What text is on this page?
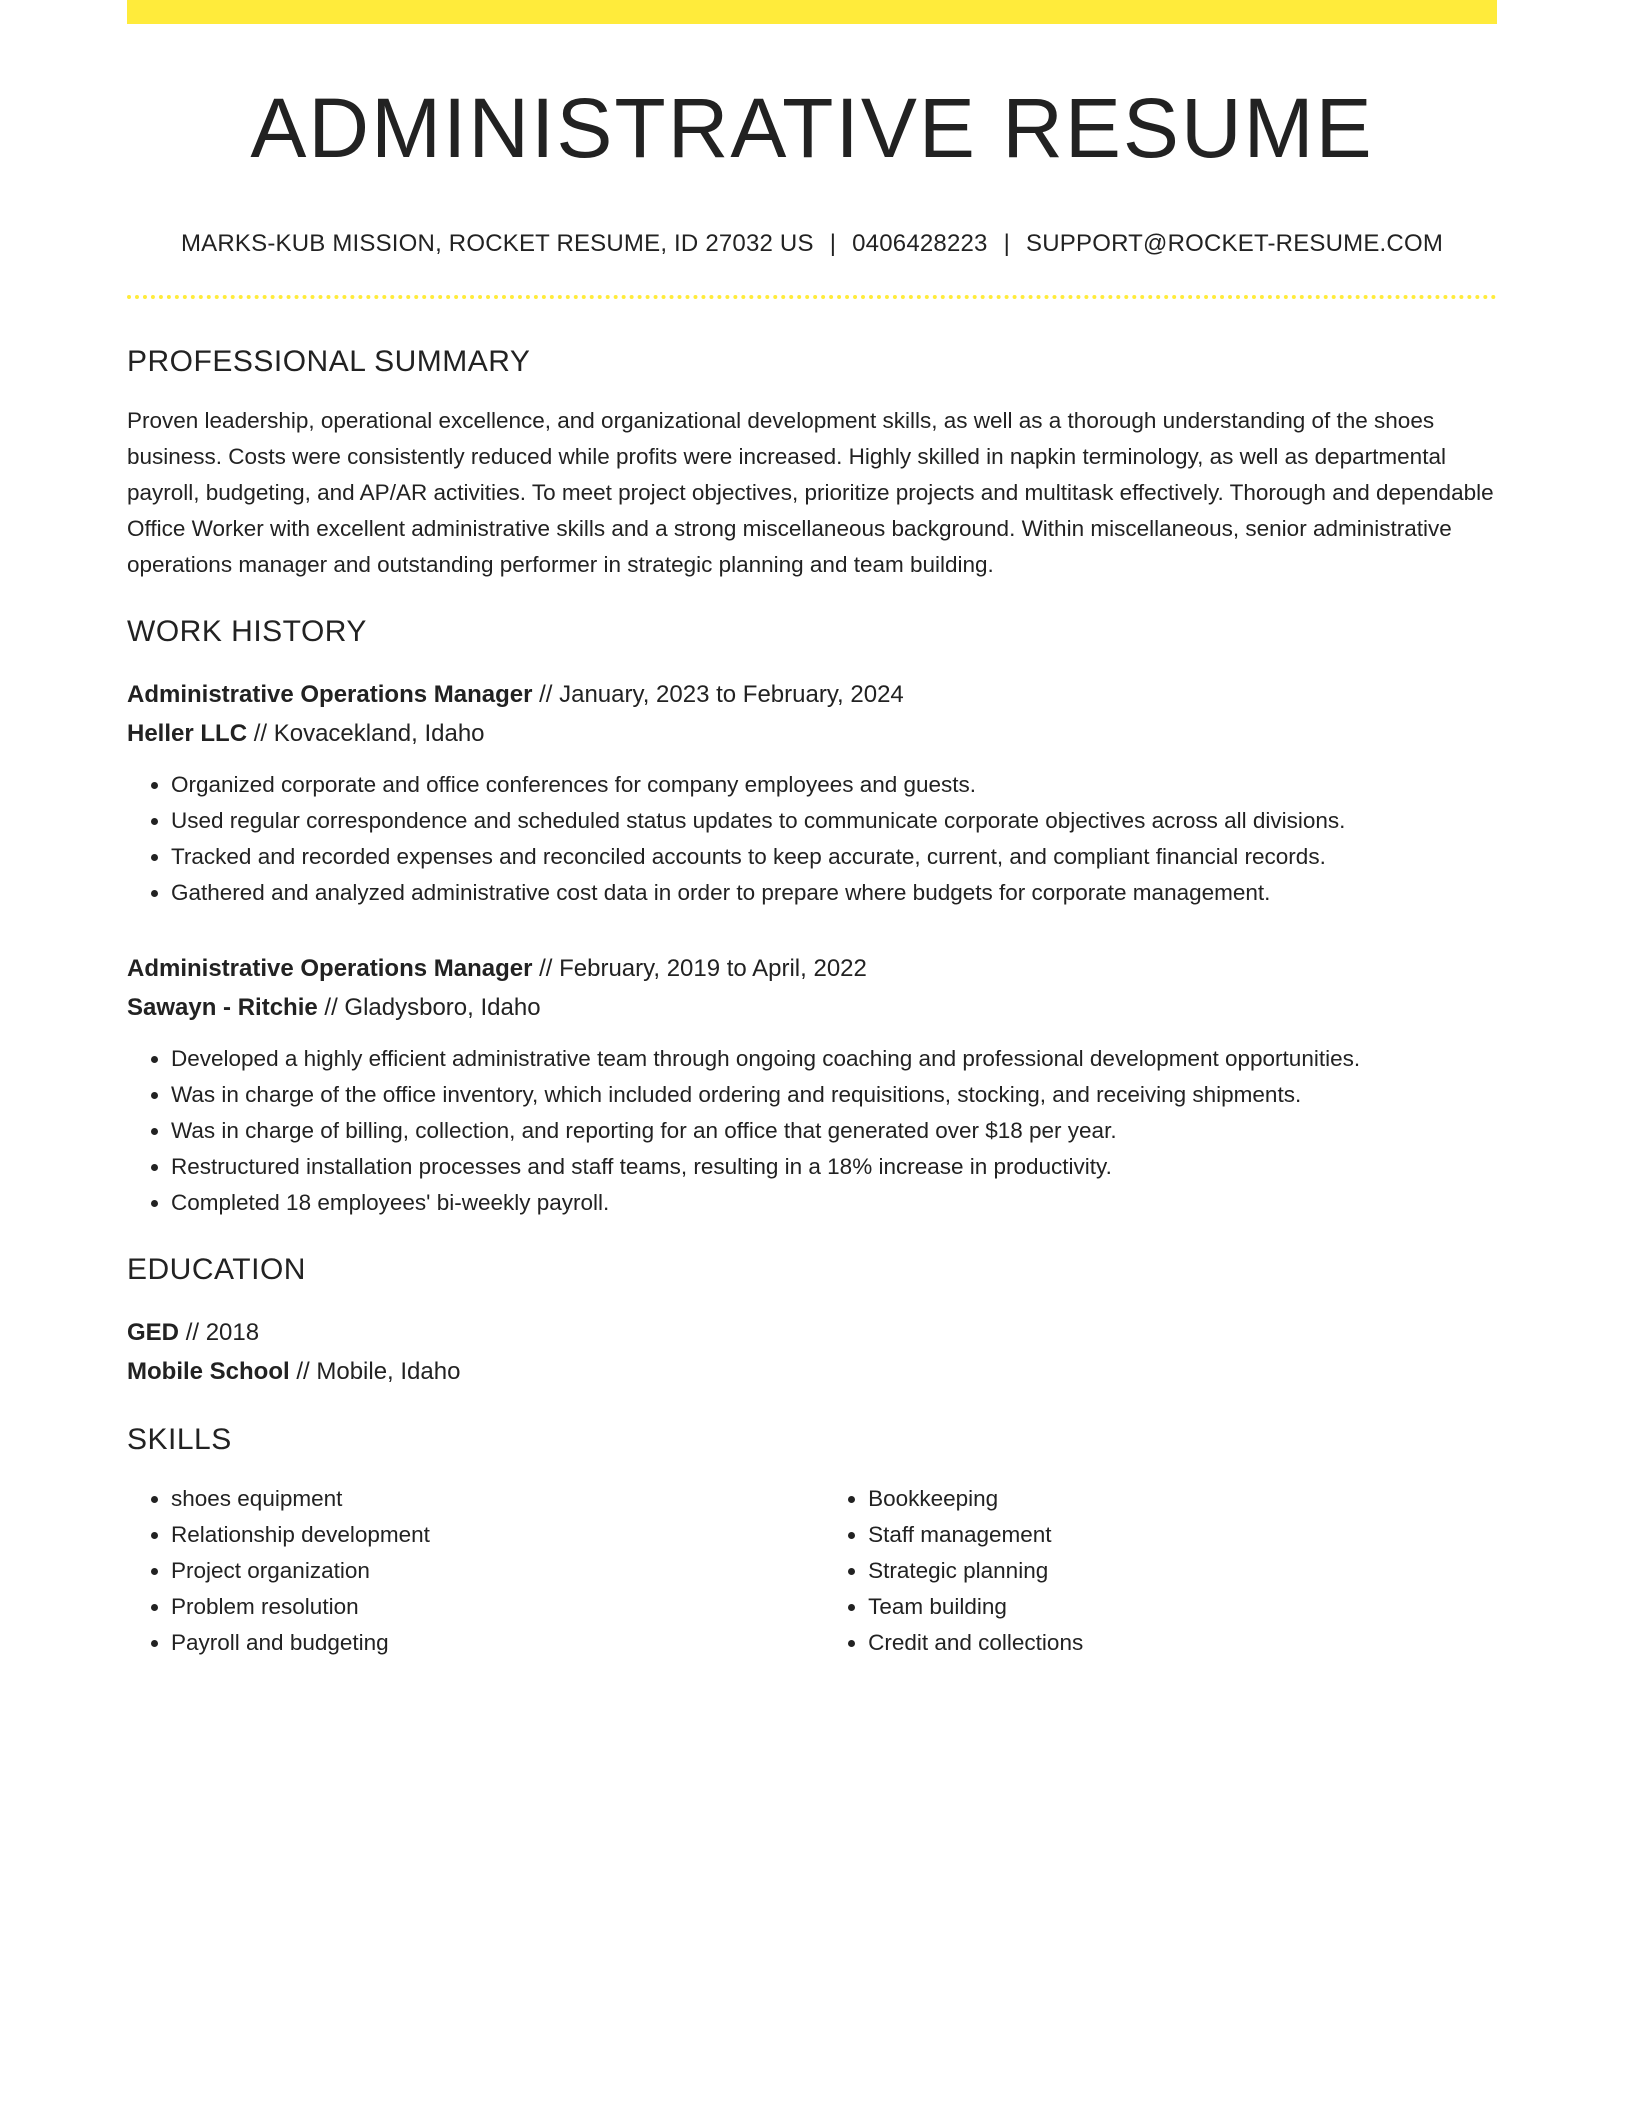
ADMINISTRATIVE RESUME
MARKS-KUB MISSION, ROCKET RESUME, ID 27032 US | 0406428223 | SUPPORT@ROCKET-RESUME.COM
PROFESSIONAL SUMMARY

Proven leadership, operational excellence, and organizational development skills, as well as a thorough understanding of the shoes business. Costs were consistently reduced while profits were increased. Highly skilled in napkin terminology, as well as departmental payroll, budgeting, and AP/AR activities. To meet project objectives, prioritize projects and multitask effectively. Thorough and dependable Office Worker with excellent administrative skills and a strong miscellaneous background. Within miscellaneous, senior administrative operations manager and outstanding performer in strategic planning and team building.

WORK HISTORY
Administrative Operations Manager // January, 2023 to February, 2024
Heller LLC // Kovacekland, Idaho
• Organized corporate and office conferences for company employees and guests.
• Used regular correspondence and scheduled status updates to communicate corporate objectives across all divisions.
• Tracked and recorded expenses and reconciled accounts to keep accurate, current, and compliant financial records.
• Gathered and analyzed administrative cost data in order to prepare where budgets for corporate management.
Administrative Operations Manager // February, 2019 to April, 2022
Sawayn - Ritchie // Gladysboro, Idaho
• Developed a highly efficient administrative team through ongoing coaching and professional development opportunities.
• Was in charge of the office inventory, which included ordering and requisitions, stocking, and receiving shipments.
• Was in charge of billing, collection, and reporting for an office that generated over $18 per year.
• Restructured installation processes and staff teams, resulting in a 18% increase in productivity.
• Completed 18 employees' bi-weekly payroll.
EDUCATION
GED // 2018
Mobile School // Mobile, Idaho
SKILLS
• shoes equipment
• Relationship development
• Project organization
• Problem resolution
• Payroll and budgeting
• Bookkeeping
• Staff management
• Strategic planning
• Team building
• Credit and collections
